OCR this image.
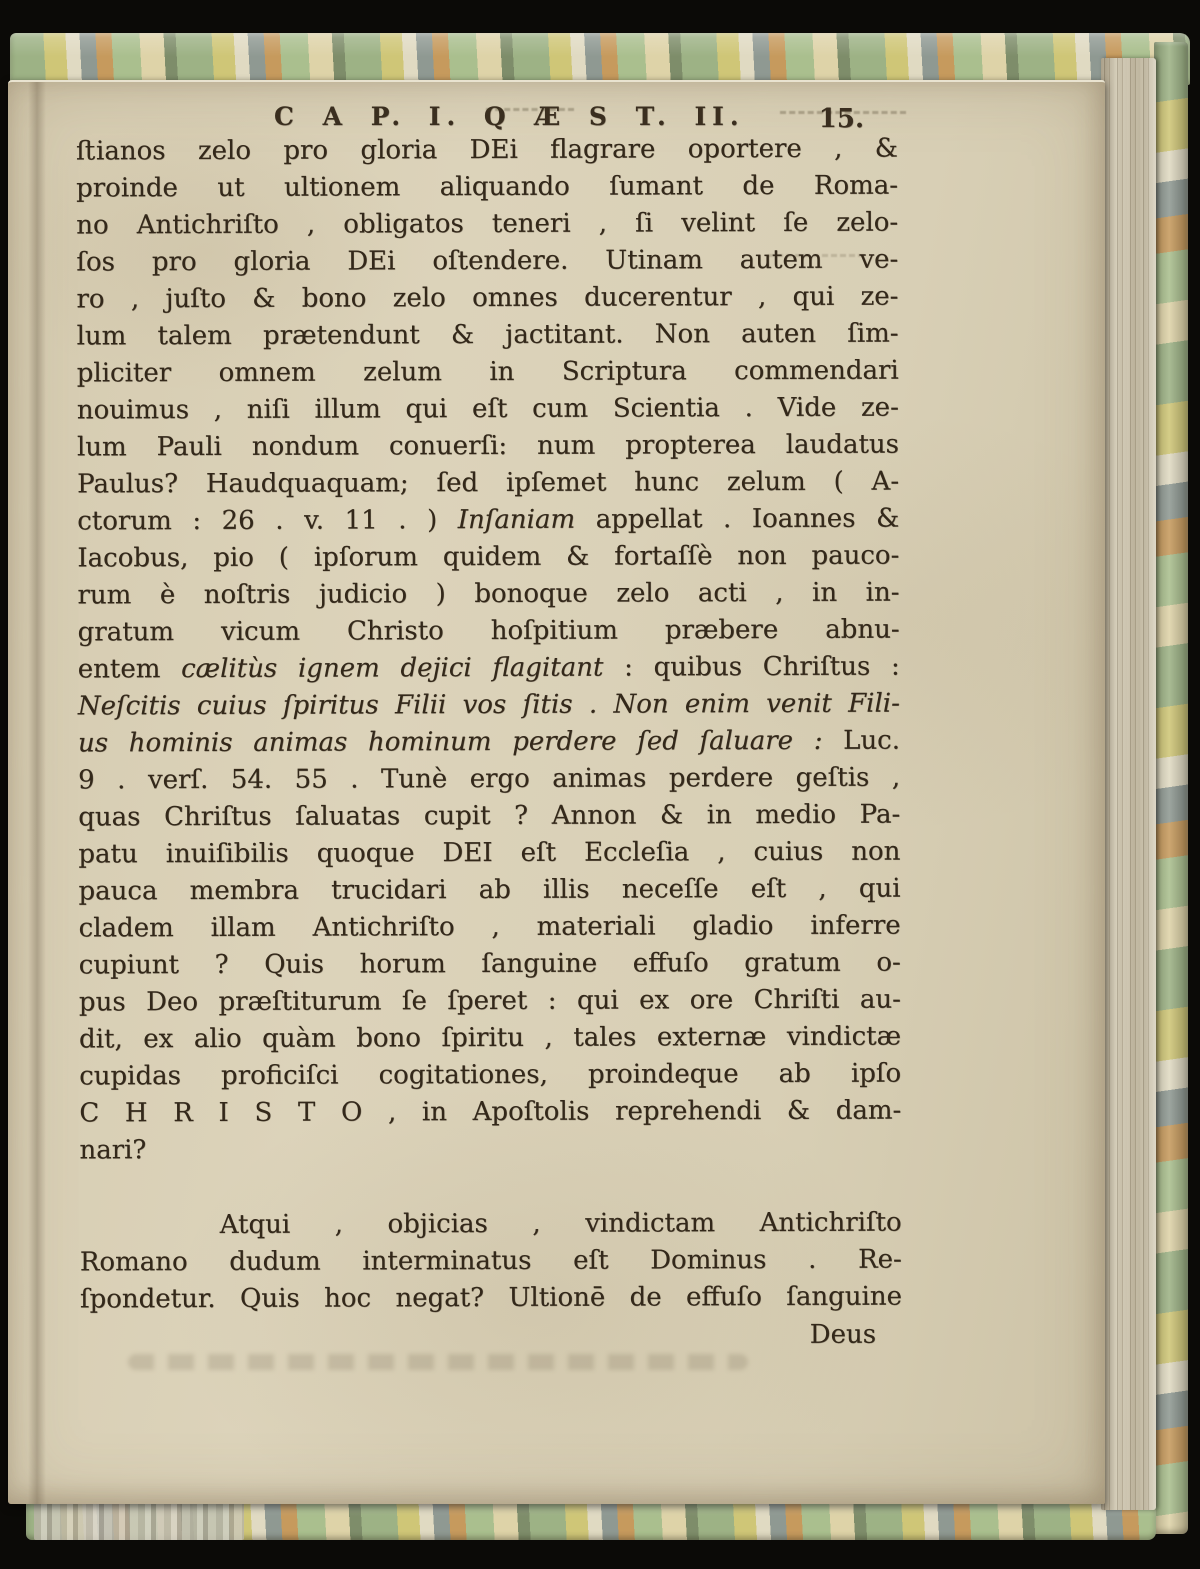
C A P. I. Q Æ S T. II.	15.
ﬅianos zelo pro gloria DEi flagrare oportere , &
proinde ut ultionem aliquando ſumant de Roma-
no Antichriſto , obligatos teneri , ſi velint ſe zelo-
ſos pro gloria DEi oſtendere. Utinam autem ve-
ro , juſto & bono zelo omnes ducerentur , qui ze-
lum talem prætendunt & jactitant. Non auten ſim-
pliciter omnem zelum in Scriptura commendari
nouimus , niſi illum qui eſt cum Scientia . Vide ze-
lum Pauli nondum conuerſi: num propterea laudatus
Paulus? Haudquaquam; ſed ipſemet hunc zelum ( A-
ctorum : 26 . v. 11 . ) Inſaniam appellat . Ioannes &
Iacobus, pio ( ipſorum quidem & fortaſſè non pauco-
rum è noſtris judicio ) bonoque zelo acti , in in-
gratum vicum Christo hoſpitium præbere abnu-
entem cælitùs ignem dejici flagitant : quibus Chriſtus :
Neſcitis cuius ſpiritus Filii vos ſitis . Non enim venit Fili-
us hominis animas hominum perdere ſed ſaluare : Luc.
9 . verſ. 54. 55 . Tunè ergo animas perdere geſtis ,
quas Chriſtus ſaluatas cupit ? Annon & in medio Pa-
patu inuiſibilis quoque DEI eſt Eccleſia , cuius non
pauca membra trucidari ab illis neceſſe eſt , qui
cladem illam Antichriſto , materiali gladio inferre
cupiunt ? Quis horum ſanguine effuſo gratum o-
pus Deo præſtiturum ſe ſperet : qui ex ore Chriſti au-
dit, ex alio quàm bono ſpiritu , tales externæ vindictæ
cupidas proficiſci cogitationes, proindeque ab ipſo
C H R I S T O , in Apoſtolis reprehendi & dam-
nari?
Atqui , objicias , vindictam Antichriſto
Romano dudum interminatus eſt Dominus . Re-
ſpondetur. Quis hoc negat? Ultionē de effuſo ſanguine
Deus
